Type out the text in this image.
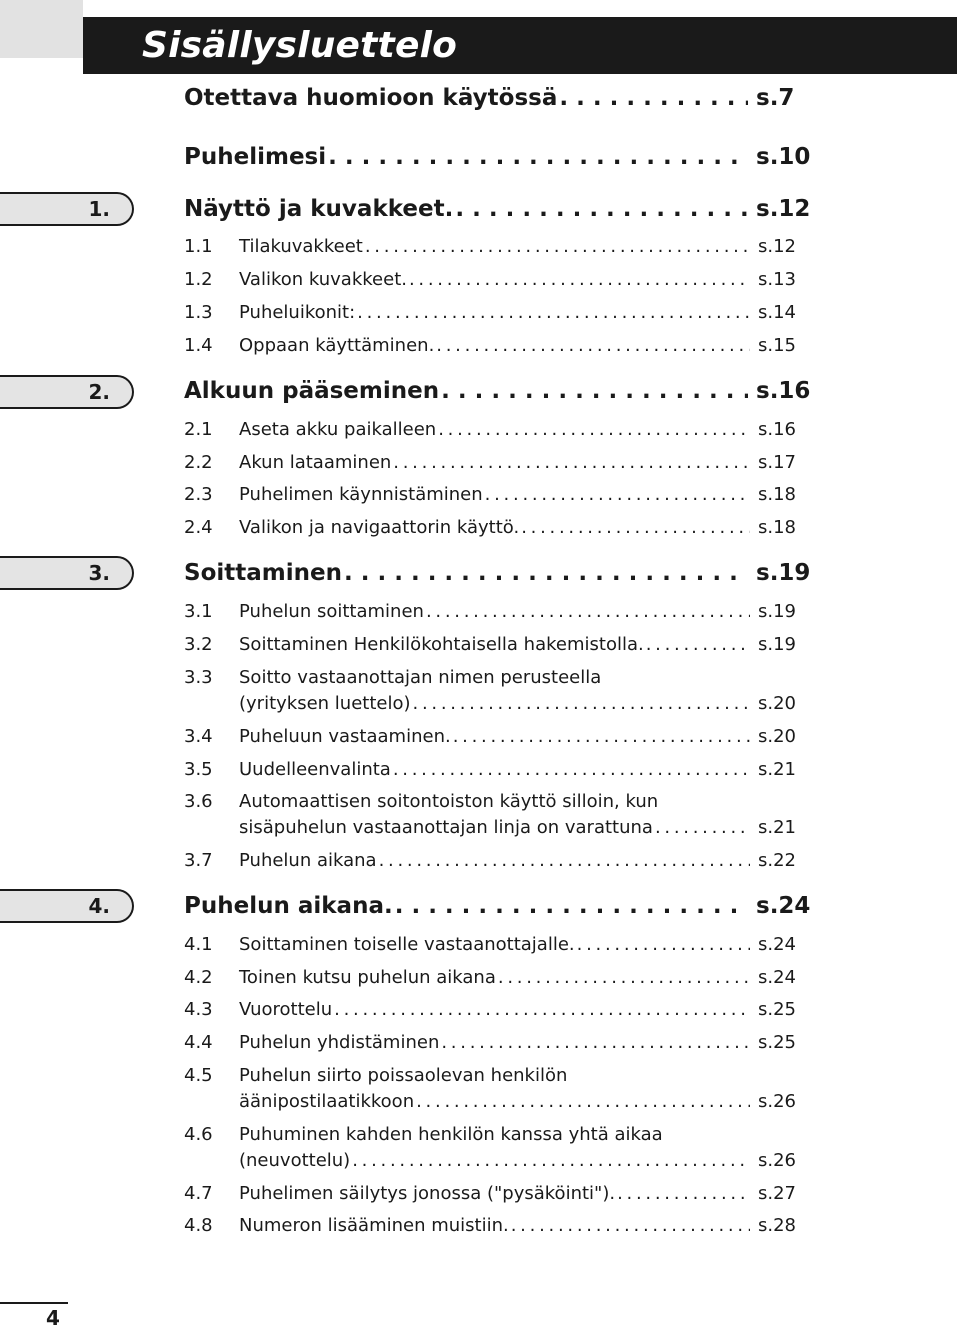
Sisällysluettelo
1.
2.
3.
4.
Otettava huomioon käytössä . . .	s.7
Puhelimesi . . .	s.10
Näyttö ja kuvakkeet. . . .	s.12
1.1	Tilakuvakkeet . . .	s.12
1.2	Valikon kuvakkeet. . . .	s.13
1.3	Puheluikonit: . . .	s.14
1.4	Oppaan käyttäminen. . . .	s.15
Alkuun pääseminen . . .	s.16
2.1	Aseta akku paikalleen . . .	s.16
2.2	Akun lataaminen . . .	s.17
2.3	Puhelimen käynnistäminen . . .	s.18
2.4	Valikon ja navigaattorin käyttö. . . .	s.18
Soittaminen . . .	s.19
3.1	Puhelun soittaminen . . .	s.19
3.2	Soittaminen Henkilökohtaisella hakemistolla. . . .	s.19
3.3	Soitto vastaanottajan nimen perusteella
(yrityksen luettelo) . . .	s.20
3.4	Puheluun vastaaminen. . . .	s.20
3.5	Uudelleenvalinta . . .	s.21
3.6	Automaattisen soitontoiston käyttö silloin, kun
sisäpuhelun vastaanottajan linja on varattuna . . .	s.21
3.7	Puhelun aikana . . .	s.22
Puhelun aikana. . . .	s.24
4.1	Soittaminen toiselle vastaanottajalle. . . .	s.24
4.2	Toinen kutsu puhelun aikana . . .	s.24
4.3	Vuorottelu . . .	s.25
4.4	Puhelun yhdistäminen . . .	s.25
4.5	Puhelun siirto poissaolevan henkilön
äänipostilaatikkoon . . .	s.26
4.6	Puhuminen kahden henkilön kanssa yhtä aikaa
(neuvottelu) . . .	s.26
4.7	Puhelimen säilytys jonossa ("pysäköinti"). . . .	s.27
4.8	Numeron lisääminen muistiin. . . .	s.28
4
